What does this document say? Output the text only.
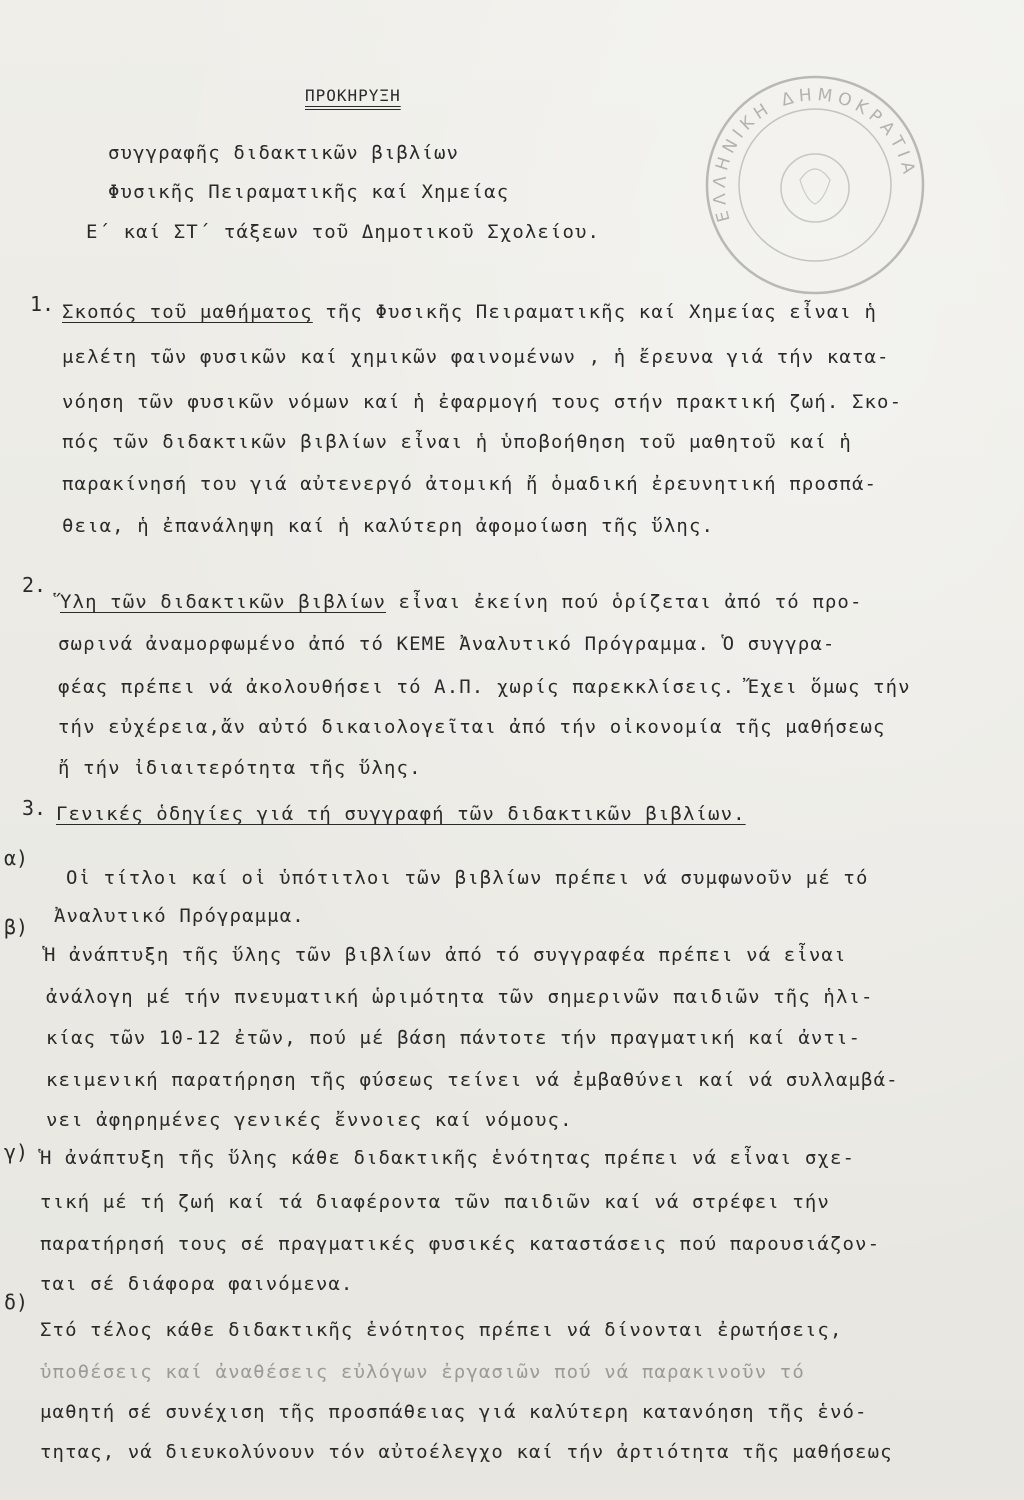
ΕΛΛΗΝΙΚΗ ΔΗΜΟΚΡΑΤΙΑ
ΠΡΟΚΗΡΥΞΗ
συγγραφῆς διδακτικῶν βιβλίων
Φυσικῆς Πειραματικῆς καί Χημείας
Ε΄ καί ΣΤ΄ τάξεων τοῦ Δημοτικοῦ Σχολείου.
1. Σκοπός τοῦ μαθήματος τῆς Φυσικῆς Πειραματικῆς καί Χημείας εἶναι ἡ
μελέτη τῶν φυσικῶν καί χημικῶν φαινομένων , ἡ ἔρευνα γιά τήν κατα-
νόηση τῶν φυσικῶν νόμων καί ἡ ἐφαρμογή τους στήν πρακτική ζωή. Σκο-
πός τῶν διδακτικῶν βιβλίων εἶναι ἡ ὑποβοήθηση τοῦ μαθητοῦ καί ἡ
παρακίνησή του γιά αὐτενεργό ἀτομική ἤ ὁμαδική ἐρευνητική προσπά-
θεια, ἡ ἐπανάληψη καί ἡ καλύτερη ἀφομοίωση τῆς ὕλης.
2.
Ὕλη τῶν διδακτικῶν βιβλίων εἶναι ἐκείνη πού ὁρίζεται ἀπό τό προ-
σωρινά ἀναμορφωμένο ἀπό τό ΚΕΜΕ Ἀναλυτικό Πρόγραμμα. Ὁ συγγρα-
φέας πρέπει νά ἀκολουθήσει τό Α.Π. χωρίς παρεκκλίσεις. Ἔχει ὅμως τήν
τήν εὐχέρεια,ἄν αὐτό δικαιολογεῖται ἀπό τήν οἰκονομία τῆς μαθήσεως
ἤ τήν ἰδιαιτερότητα τῆς ὕλης.
3. Γενικές ὁδηγίες γιά τή συγγραφή τῶν διδακτικῶν βιβλίων.
α)
Οἱ τίτλοι καί οἱ ὑπότιτλοι τῶν βιβλίων πρέπει νά συμφωνοῦν μέ τό
Ἀναλυτικό Πρόγραμμα.
β)
Ἡ ἀνάπτυξη τῆς ὕλης τῶν βιβλίων ἀπό τό συγγραφέα πρέπει νά εἶναι
ἀνάλογη μέ τήν πνευματική ὡριμότητα τῶν σημερινῶν παιδιῶν τῆς ἡλι-
κίας τῶν 10-12 ἐτῶν, πού μέ βάση πάντοτε τήν πραγματική καί ἀντι-
κειμενική παρατήρηση τῆς φύσεως τείνει νά ἐμβαθύνει καί νά συλλαμβά-
νει ἀφηρημένες γενικές ἔννοιες καί νόμους.
γ) Ἡ ἀνάπτυξη τῆς ὕλης κάθε διδακτικῆς ἑνότητας πρέπει νά εἶναι σχε-
τική μέ τή ζωή καί τά διαφέροντα τῶν παιδιῶν καί νά στρέφει τήν
παρατήρησή τους σέ πραγματικές φυσικές καταστάσεις πού παρουσιάζον-
ται σέ διάφορα φαινόμενα.
δ)
Στό τέλος κάθε διδακτικῆς ἑνότητος πρέπει νά δίνονται ἐρωτήσεις,
ὑποθέσεις καί ἀναθέσεις εὐλόγων ἐργασιῶν πού νά παρακινοῦν τό
μαθητή σέ συνέχιση τῆς προσπάθειας γιά καλύτερη κατανόηση τῆς ἑνό-
τητας, νά διευκολύνουν τόν αὐτοέλεγχο καί τήν ἀρτιότητα τῆς μαθήσεως
